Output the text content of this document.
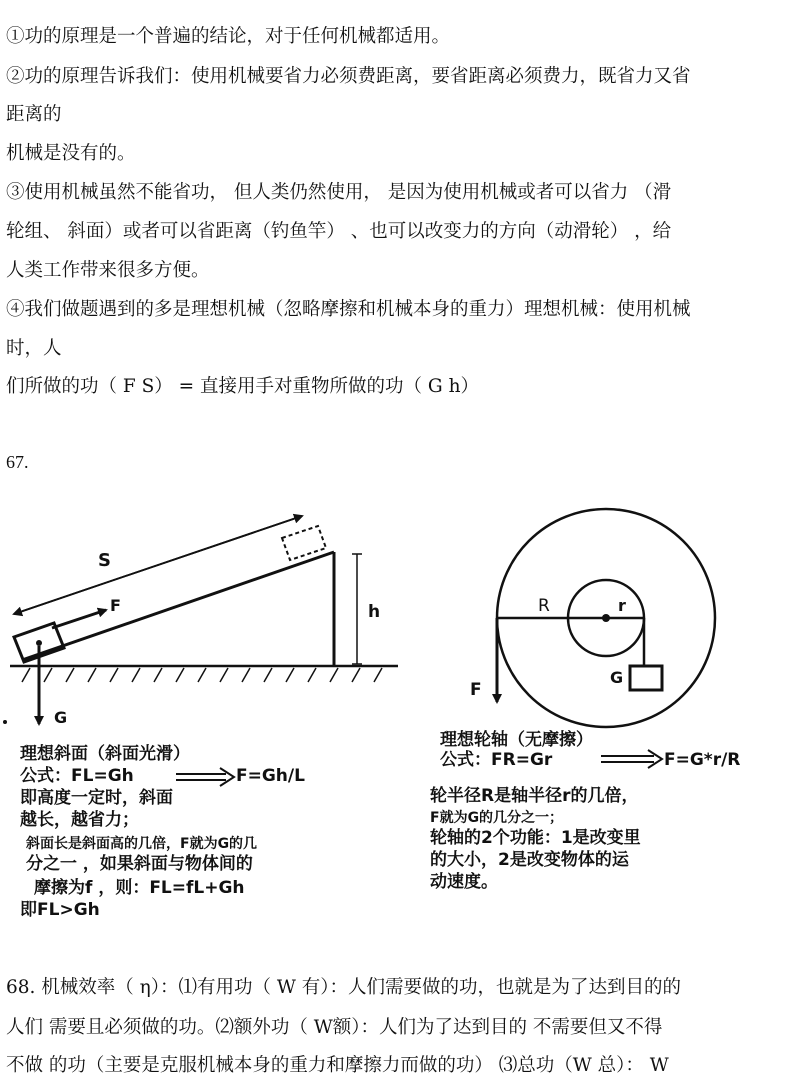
①功的原理是一个普遍的结论，对于任何机械都适用。
②功的原理告诉我们：使用机械要省力必须费距离，要省距离必须费力，既省力又省
距离的
机械是没有的。
③使用机械虽然不能省功， 但人类仍然使用， 是因为使用机械或者可以省力 （滑
轮组、 斜面）或者可以省距离（钓鱼竿） 、也可以改变力的方向（动滑轮） ，给
人类工作带来很多方便。
④我们做题遇到的多是理想机械（忽略摩擦和机械本身的重力）理想机械：使用机械
时，人
们所做的功（ F S） = 直接用手对重物所做的功（ G h）
67.
S
F	h
G
R	r
F
G
理想斜面（斜面光滑）
公式：FL=Gh	F=Gh/L
即高度一定时，斜面
越长，越省力；
斜面长是斜面高的几倍，F就为G的几
分之一 ，如果斜面与物体间的
摩擦为f ，则：FL=fL+Gh
即FL>Gh
理想轮轴（无摩擦）
公式：FR=Gr	F=G*r/R
轮半径R是轴半径r的几倍，
F就为G的几分之一；
轮轴的2个功能：1是改变里
的大小，2是改变物体的运
动速度。
68. 机械效率（ η）：⑴有用功（ W 有）：人们需要做的功，也就是为了达到目的的
人们 需要且必须做的功。⑵额外功（ W额）：人们为了达到目的 不需要但又不得
不做 的功（主要是克服机械本身的重力和摩擦力而做的功） ⑶总功（W 总）： W
